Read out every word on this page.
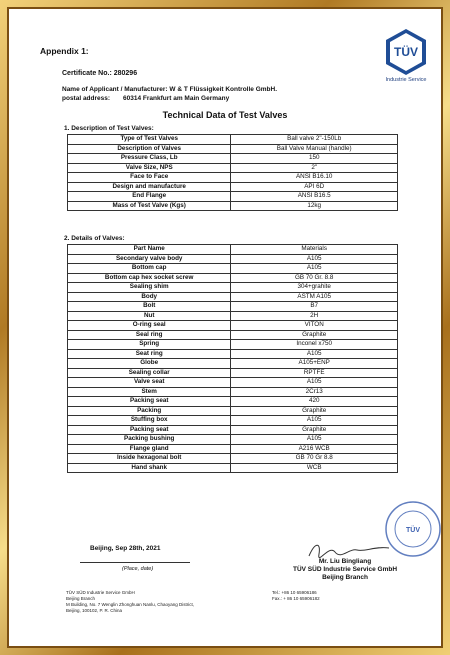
Appendix 1:
Certificate No.: 280296
Name of Applicant / Manufacturer: W & T Flüssigkeit Kontrolle GmbH.
postal address: 60314 Frankfurt am Main Germany
TÜV
Industrie Service
Technical Data of Test Valves
1. Description of Test Valves:
Type of Test Valves	Ball valve 2"-150Lb
Description of Valves	Ball Valve Manual (handle)
Pressure Class, Lb	150
Valve Size, NPS	2"
Face to Face	ANSI B16.10
Design and manufacture	API 6D
End Flange	ANSI B16.5
Mass of Test Valve (Kgs)	12kg
2. Details of Valves:
Part Name	Materials
Secondary valve body	A105
Bottom cap	A105
Bottom cap hex socket screw	GB 70 Gr. 8.8
Sealing shim	304+grahite
Body	ASTM A105
Bolt	B7
Nut	2H
O-ring seal	VITON
Seal ring	Graphite
Spring	Inconel x750
Seat ring	A105
Globe	A105+ENP
Sealing collar	RPTFE
Valve seat	A105
Stem	2Cr13
Packing seat	420
Packing	Graphite
Stuffing box	A105
Packing seat	Graphite
Packing bushing	A105
Flange gland	A216 WCB
Inside hexagonal bolt	GB 70 Gr 8.8
Hand shank	WCB
TÜV
Beijing, Sep 28th, 2021
(Place, date)
Mr. Liu Bingliang
TÜV SÜD Industrie Service GmbH
Beijing Branch
TÜV SÜD Industrie Service GmbH
Beijing Branch
M Building, No. 7 Wenglin Zhonghuan Nanlu, Chaoyang District,
Beijing, 100102, P. R. China
Tel.: +86 10 65906186
Fax.: + 86 10 65906182
